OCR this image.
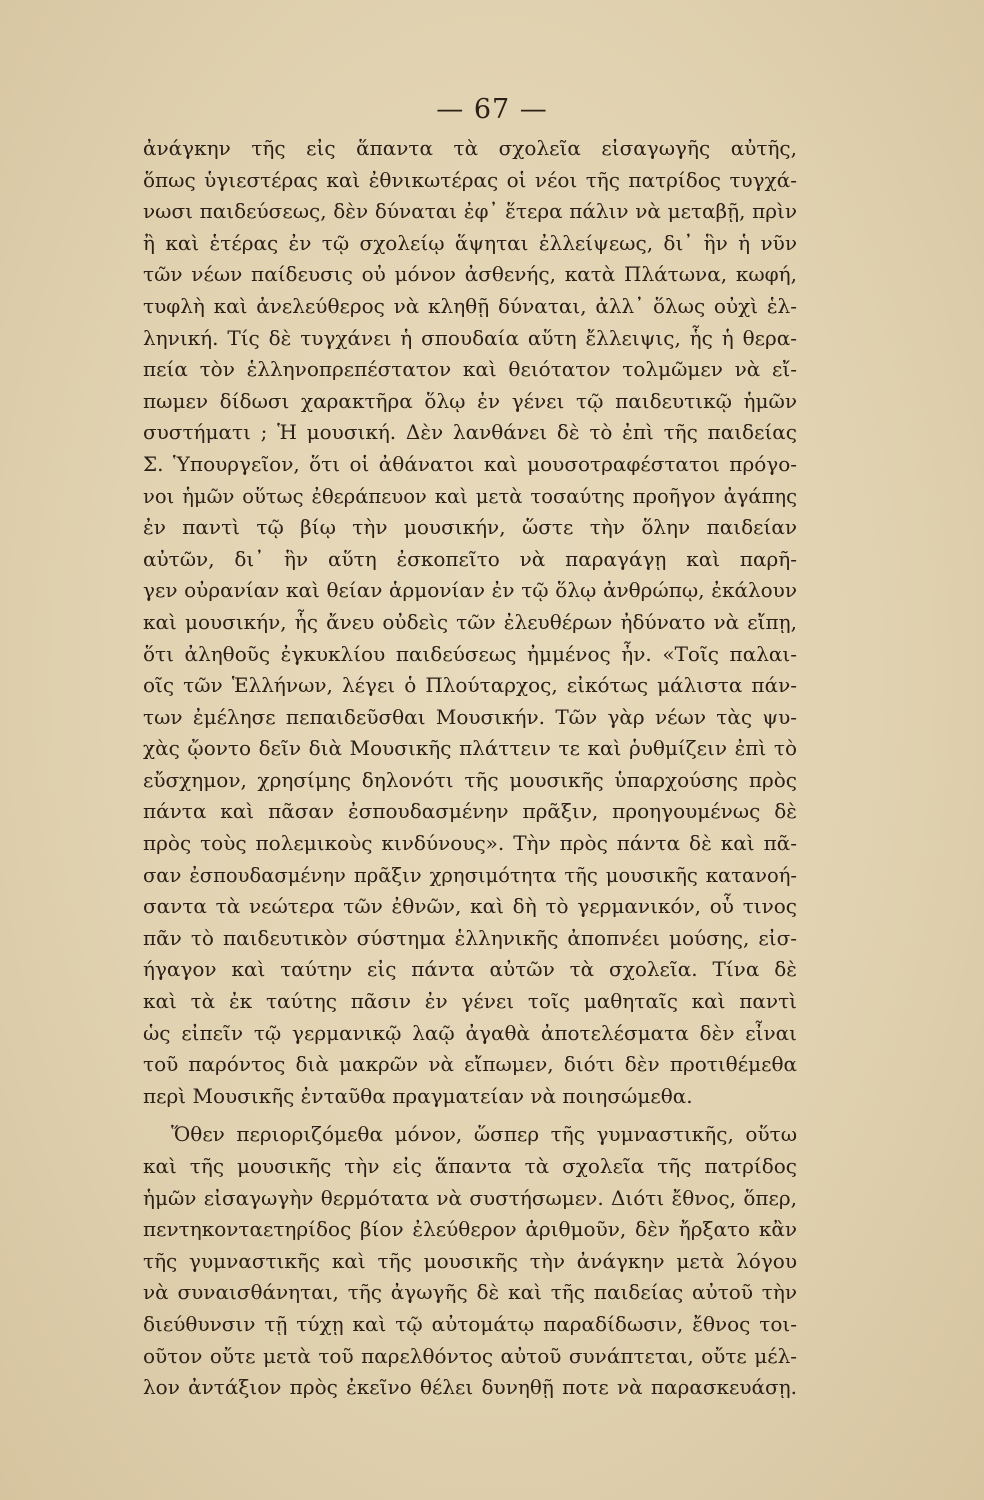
— 67 —
ἀνάγκην τῆς εἰς ἅπαντα τὰ σχολεῖα εἰσαγωγῆς αὐτῆς,
ὅπως ὑγιεστέρας καὶ ἐθνικωτέρας οἱ νέοι τῆς πατρίδος τυγχά-
νωσι παιδεύσεως, δὲν δύναται ἐφ᾽ ἕτερα πάλιν νὰ μεταβῇ, πρὶν
ἢ καὶ ἑτέρας ἐν τῷ σχολείῳ ἅψηται ἐλλείψεως, δι᾽ ἣν ἡ νῦν
τῶν νέων παίδευσις οὐ μόνον ἀσθενής, κατὰ Πλάτωνα, κωφή,
τυφλὴ καὶ ἀνελεύθερος νὰ κληθῇ δύναται, ἀλλ᾽ ὅλως οὐχὶ ἑλ-
ληνική. Τίς δὲ τυγχάνει ἡ σπουδαία αὕτη ἔλλειψις, ἧς ἡ θερα-
πεία τὸν ἑλληνοπρεπέστατον καὶ θειότατον τολμῶμεν νὰ εἴ-
πωμεν δίδωσι χαρακτῆρα ὅλῳ ἐν γένει τῷ παιδευτικῷ ἡμῶν
συστήματι ; Ἡ μουσική. Δὲν λανθάνει δὲ τὸ ἐπὶ τῆς παιδείας
Σ. Ὑπουργεῖον, ὅτι οἱ ἀθάνατοι καὶ μουσοτραφέστατοι πρόγο-
νοι ἡμῶν οὕτως ἐθεράπευον καὶ μετὰ τοσαύτης προῆγον ἀγάπης
ἐν παντὶ τῷ βίῳ τὴν μουσικήν, ὥστε τὴν ὅλην παιδείαν
αὐτῶν, δι᾽ ἣν αὕτη ἐσκοπεῖτο νὰ παραγάγῃ καὶ παρῆ-
γεν οὐρανίαν καὶ θείαν ἁρμονίαν ἐν τῷ ὅλῳ ἀνθρώπῳ, ἐκάλουν
καὶ μουσικήν, ἧς ἄνευ οὐδεὶς τῶν ἐλευθέρων ἠδύνατο νὰ εἴπῃ,
ὅτι ἀληθοῦς ἐγκυκλίου παιδεύσεως ἠμμένος ἦν. «Τοῖς παλαι-
οῖς τῶν Ἑλλήνων, λέγει ὁ Πλούταρχος, εἰκότως μάλιστα πάν-
των ἐμέλησε πεπαιδεῦσθαι Μουσικήν. Τῶν γὰρ νέων τὰς ψυ-
χὰς ᾤοντο δεῖν διὰ Μουσικῆς πλάττειν τε καὶ ῥυθμίζειν ἐπὶ τὸ
εὔσχημον, χρησίμης δηλονότι τῆς μουσικῆς ὑπαρχούσης πρὸς
πάντα καὶ πᾶσαν ἐσπουδασμένην πρᾶξιν, προηγουμένως δὲ
πρὸς τοὺς πολεμικοὺς κινδύνους». Τὴν πρὸς πάντα δὲ καὶ πᾶ-
σαν ἐσπουδασμένην πρᾶξιν χρησιμότητα τῆς μουσικῆς κατανοή-
σαντα τὰ νεώτερα τῶν ἐθνῶν, καὶ δὴ τὸ γερμανικόν, οὗ τινος
πᾶν τὸ παιδευτικὸν σύστημα ἑλληνικῆς ἀποπνέει μούσης, εἰσ-
ήγαγον καὶ ταύτην εἰς πάντα αὐτῶν τὰ σχολεῖα. Τίνα δὲ
καὶ τὰ ἐκ ταύτης πᾶσιν ἐν γένει τοῖς μαθηταῖς καὶ παντὶ
ὡς εἰπεῖν τῷ γερμανικῷ λαῷ ἀγαθὰ ἀποτελέσματα δὲν εἶναι
τοῦ παρόντος διὰ μακρῶν νὰ εἴπωμεν, διότι δὲν προτιθέμεθα
περὶ Μουσικῆς ἐνταῦθα πραγματείαν νὰ ποιησώμεθα.
Ὅθεν περιοριζόμεθα μόνον, ὥσπερ τῆς γυμναστικῆς, οὕτω
καὶ τῆς μουσικῆς τὴν εἰς ἅπαντα τὰ σχολεῖα τῆς πατρίδος
ἡμῶν εἰσαγωγὴν θερμότατα νὰ συστήσωμεν. Διότι ἔθνος, ὅπερ,
πεντηκονταετηρίδος βίον ἐλεύθερον ἀριθμοῦν, δὲν ἤρξατο κἂν
τῆς γυμναστικῆς καὶ τῆς μουσικῆς τὴν ἀνάγκην μετὰ λόγου
νὰ συναισθάνηται, τῆς ἀγωγῆς δὲ καὶ τῆς παιδείας αὐτοῦ τὴν
διεύθυνσιν τῇ τύχῃ καὶ τῷ αὐτομάτῳ παραδίδωσιν, ἔθνος τοι-
οῦτον οὔτε μετὰ τοῦ παρελθόντος αὐτοῦ συνάπτεται, οὔτε μέλ-
λον ἀντάξιον πρὸς ἐκεῖνο θέλει δυνηθῇ ποτε νὰ παρασκευάσῃ.
